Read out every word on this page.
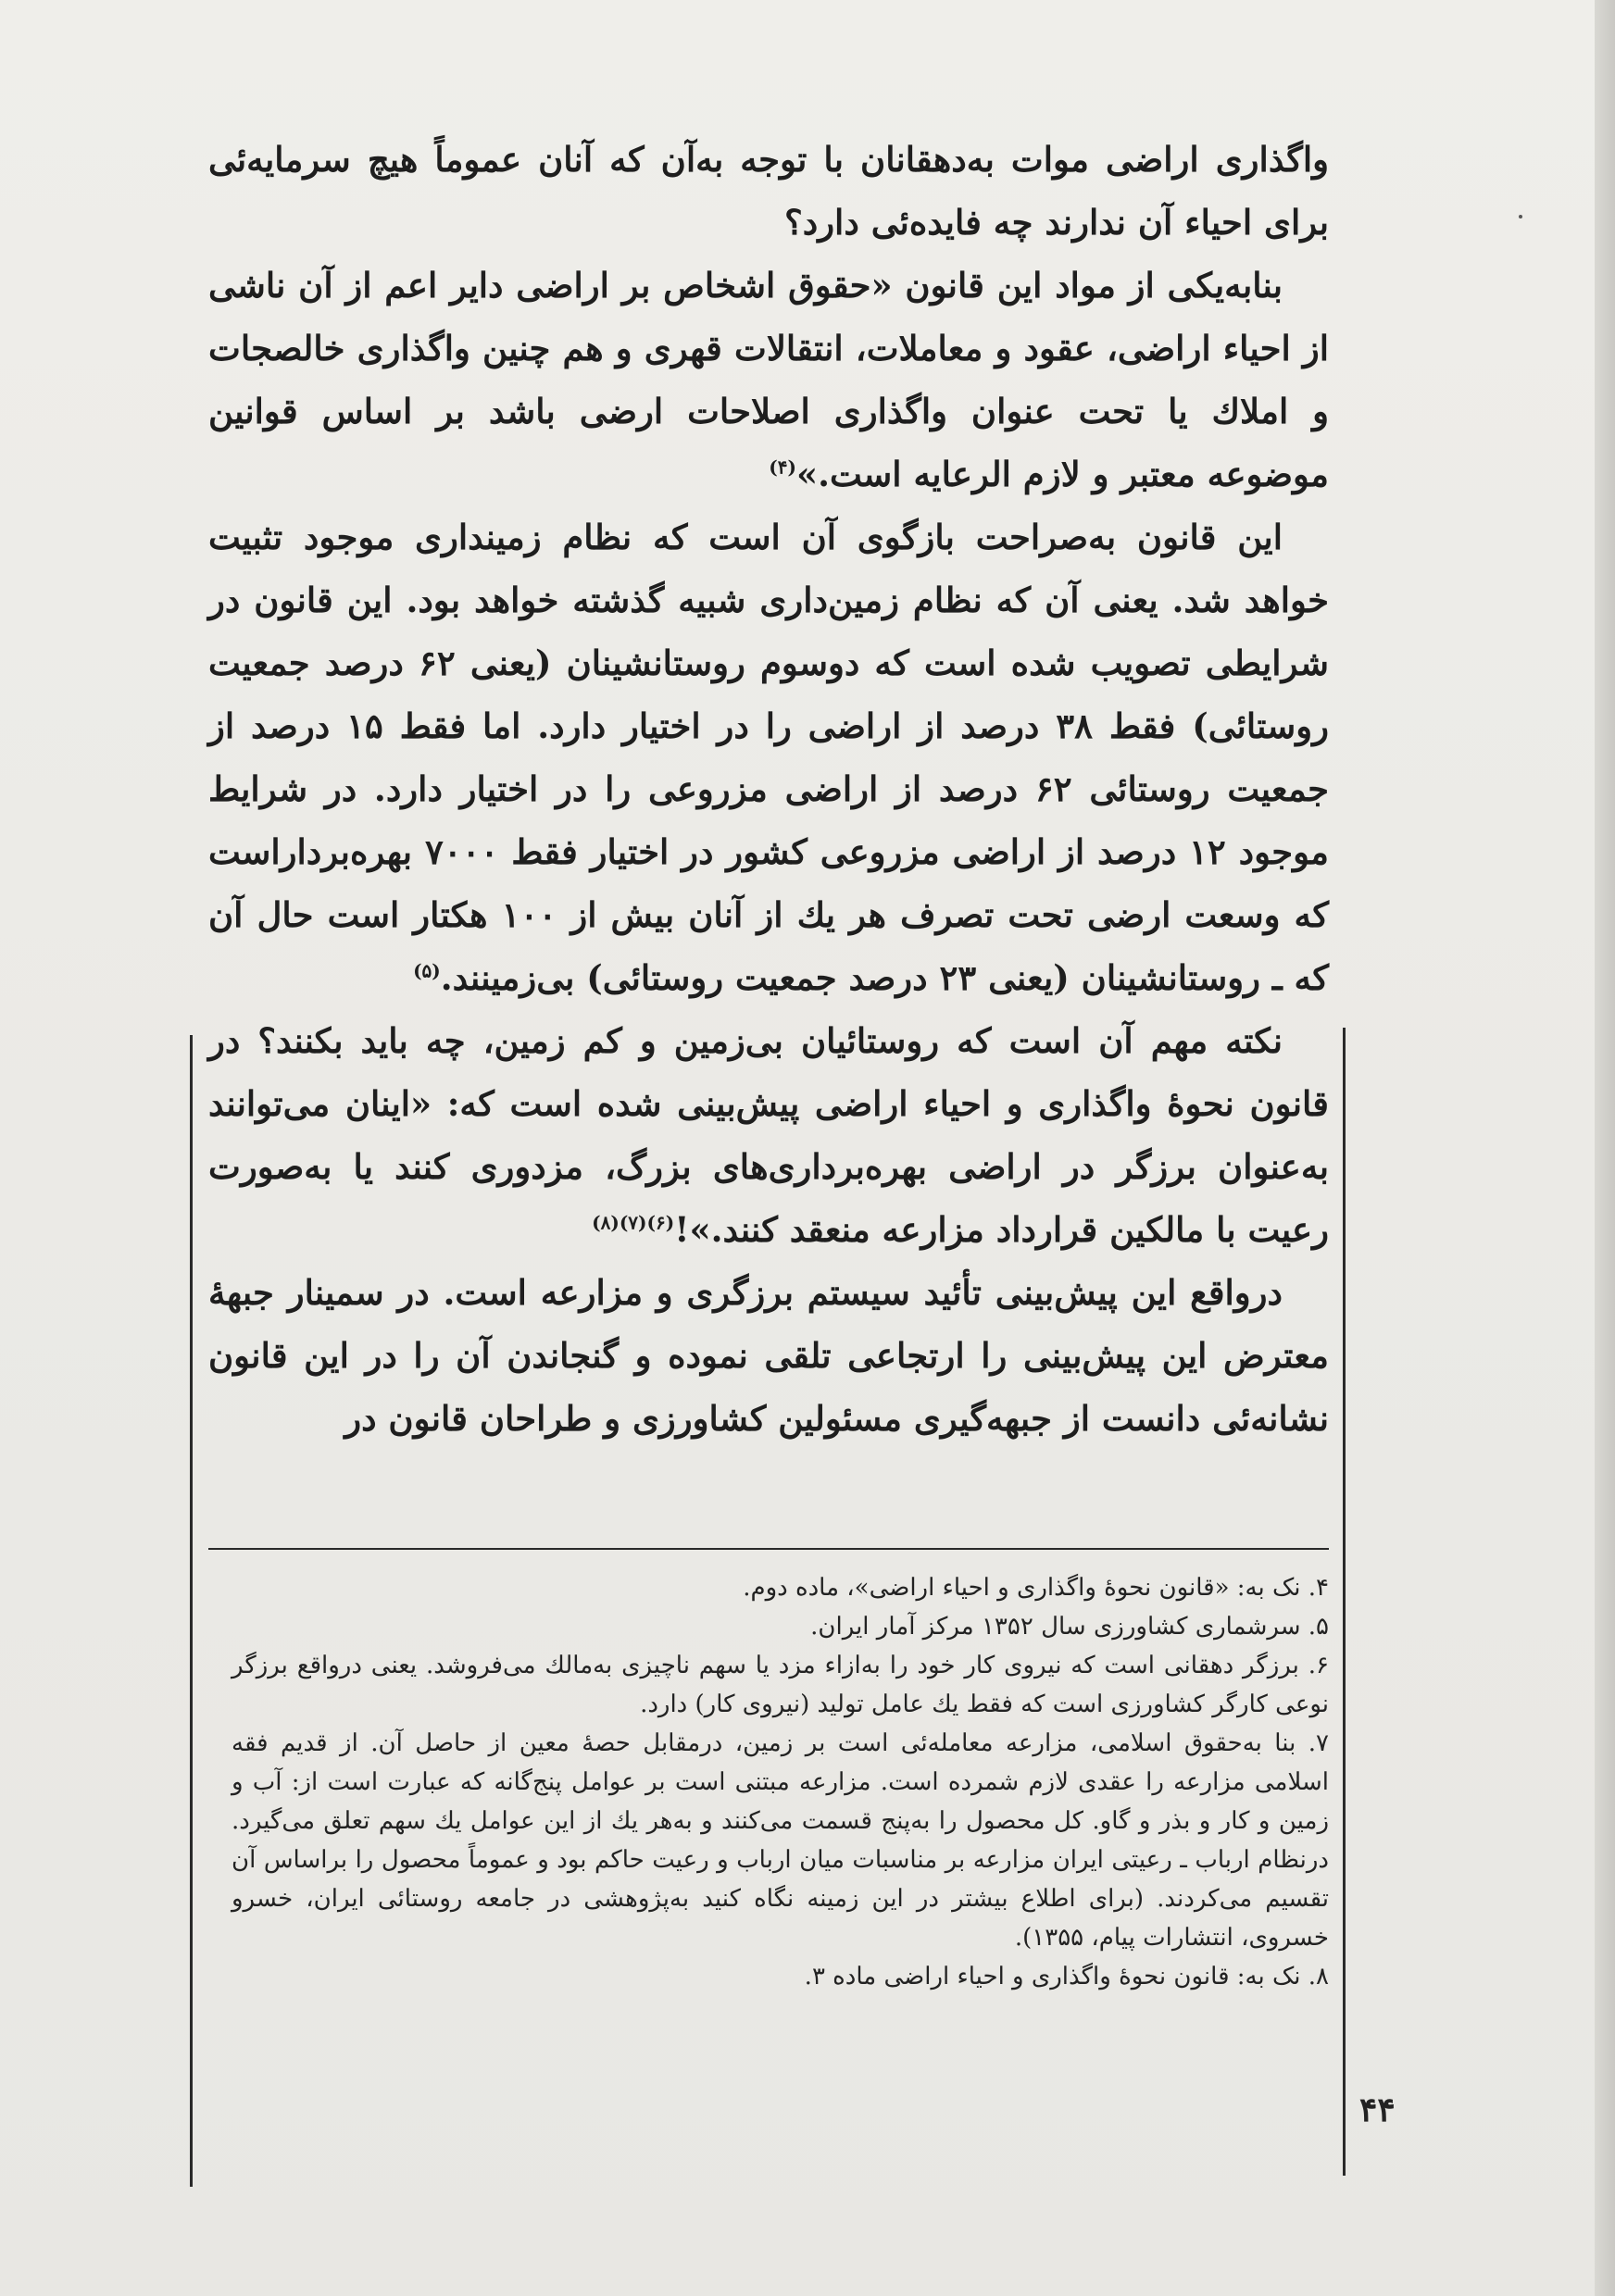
واگذاری اراضی موات به‌دهقانان با توجه به‌آن که آنان عموماً هیچ سرمایه‌ئی برای احیاء آن ندارند چه فایده‌ئی دارد؟

بنابه‌یکی از مواد این قانون «حقوق اشخاص بر اراضی دایر اعم از آن ناشی از احیاء اراضی، عقود و معاملات، انتقالات قهری و هم چنین واگذاری خالصجات و املاك یا تحت عنوان واگذاری اصلاحات ارضی باشد بر اساس قوانین موضوعه معتبر و لازم الرعایه است.»$^{(۴)}$

این قانون به‌صراحت بازگوی آن است که نظام زمینداری موجود تثبیت خواهد شد. یعنی آن که نظام زمین‌داری شبیه گذشته خواهد بود. این قانون در شرایطی تصویب شده است که دوسوم روستانشینان (یعنی ۶۲ درصد جمعیت روستائی) فقط ۳۸ درصد از اراضی را در اختیار دارد. اما فقط ۱۵ درصد از جمعیت روستائی ۶۲ درصد از اراضی مزروعی را در اختیار دارد. در شرایط موجود ۱۲ درصد از اراضی مزروعی کشور در اختیار فقط ۷۰۰۰ بهره‌برداراست که وسعت ارضی تحت تصرف هر یك از آنان بیش از ۱۰۰ هکتار است حال آن که ـ روستانشینان (یعنی ۲۳ درصد جمعیت روستائی) بی‌زمینند.$^{(۵)}$

نکته مهم آن است که روستائیان بی‌زمین و کم زمین، چه باید بکنند؟ در قانون نحوهٔ واگذاری و احیاء اراضی پیش‌بینی شده است که: «اینان می‌توانند به‌عنوان برزگر در اراضی بهره‌برداری‌های بزرگ، مزدوری کنند یا به‌صورت رعیت با مالکین قرارداد مزارعه منعقد کنند.»!$^{(۶)(۷)(۸)}$

درواقع این پیش‌بینی تأئید سیستم برزگری و مزارعه است. در سمینار جبههٔ معترض این پیش‌بینی را ارتجاعی تلقی نموده و گنجاندن آن را در این قانون نشانه‌ئی دانست از جبهه‌گیری مسئولین کشاورزی و طراحان قانون در

۴. نک به: «قانون نحوهٔ واگذاری و احیاء اراضی»، ماده دوم.

۵. سرشماری کشاورزی سال ۱۳۵۲ مرکز آمار ایران.

۶. برزگر دهقانی است که نیروی کار خود را به‌ازاء مزد یا سهم ناچیزی به‌مالك می‌فروشد. یعنی درواقع برزگر نوعی کارگر کشاورزی است که فقط یك عامل تولید (نیروی کار) دارد.

۷. بنا به‌حقوق اسلامی، مزارعه معامله‌ئی است بر زمین، درمقابل حصهٔ معین از حاصل آن. از قدیم فقه اسلامی مزارعه را عقدی لازم شمرده است. مزارعه مبتنی است بر عوامل پنج‌گانه که عبارت است از: آب و زمین و کار و بذر و گاو. کل محصول را به‌پنج قسمت می‌کنند و به‌هر یك از این عوامل یك سهم تعلق می‌گیرد. درنظام ارباب ـ رعیتی ایران مزارعه بر مناسبات میان ارباب و رعیت حاکم بود و عموماً محصول را براساس آن تقسیم می‌کردند. (برای اطلاع بیشتر در این زمینه نگاه کنید به‌پژوهشی در جامعه روستائی ایران، خسرو خسروی، انتشارات پیام، ۱۳۵۵).

۸. نک به: قانون نحوهٔ واگذاری و احیاء اراضی ماده ۳.

۴۴
